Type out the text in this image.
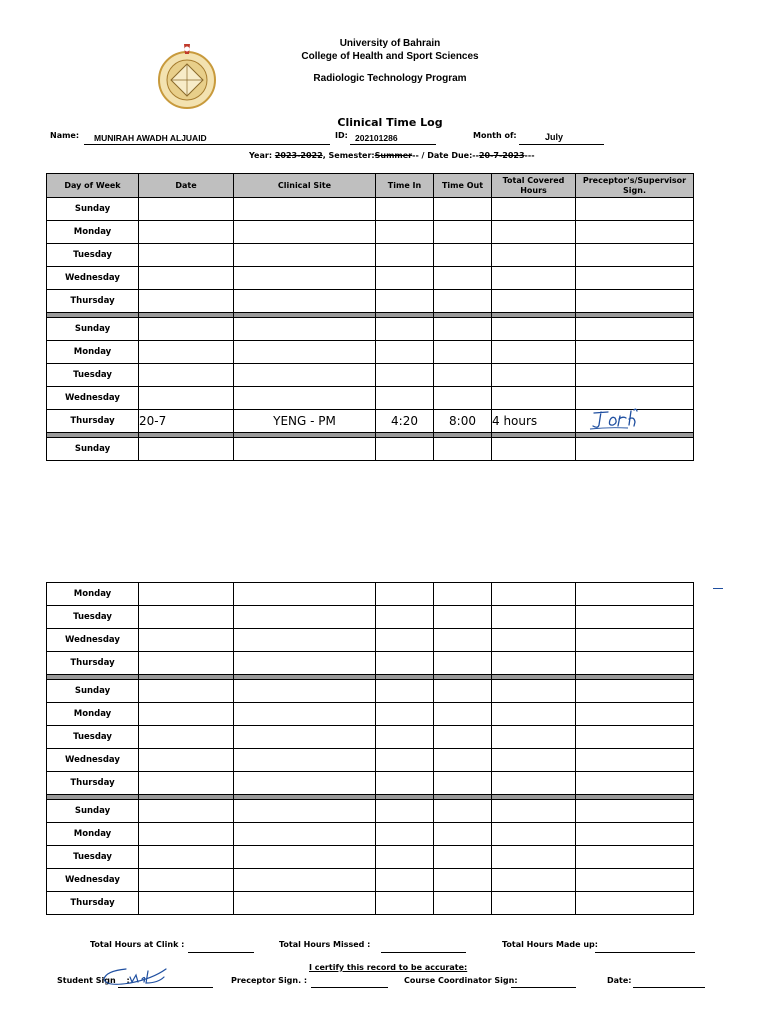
University of Bahrain
College of Health and Sport Sciences
Radiologic Technology Program
Clinical Time Log
Name: MUNIRAH AWADH ALJUAID	ID: 202101286	Month of:	July
Year: 2023-2022, Semester:Summer-- / Date Due:--20-7-2023---
Day of Week	Date	Clinical Site	Time In	Time Out	Total Covered Hours	Preceptor's/Supervisor Sign.
Sunday						
Monday						
Tuesday						
Wednesday						
Thursday						

Sunday						
Monday						
Tuesday						
Wednesday						
Thursday	20-7	YENG - PM	4:20	8:00	4 hours	

Sunday						
Monday						
Tuesday						
Wednesday						
Thursday						

Sunday						
Monday						
Tuesday						
Wednesday						
Thursday						

Sunday						
Monday						
Tuesday						
Wednesday						
Thursday						
Total Hours at Clink :	Total Hours Missed :	Total Hours Made up:
I certify this record to be accurate:
Student Sign :	Preceptor Sign. :	Course Coordinator Sign:	Date:
